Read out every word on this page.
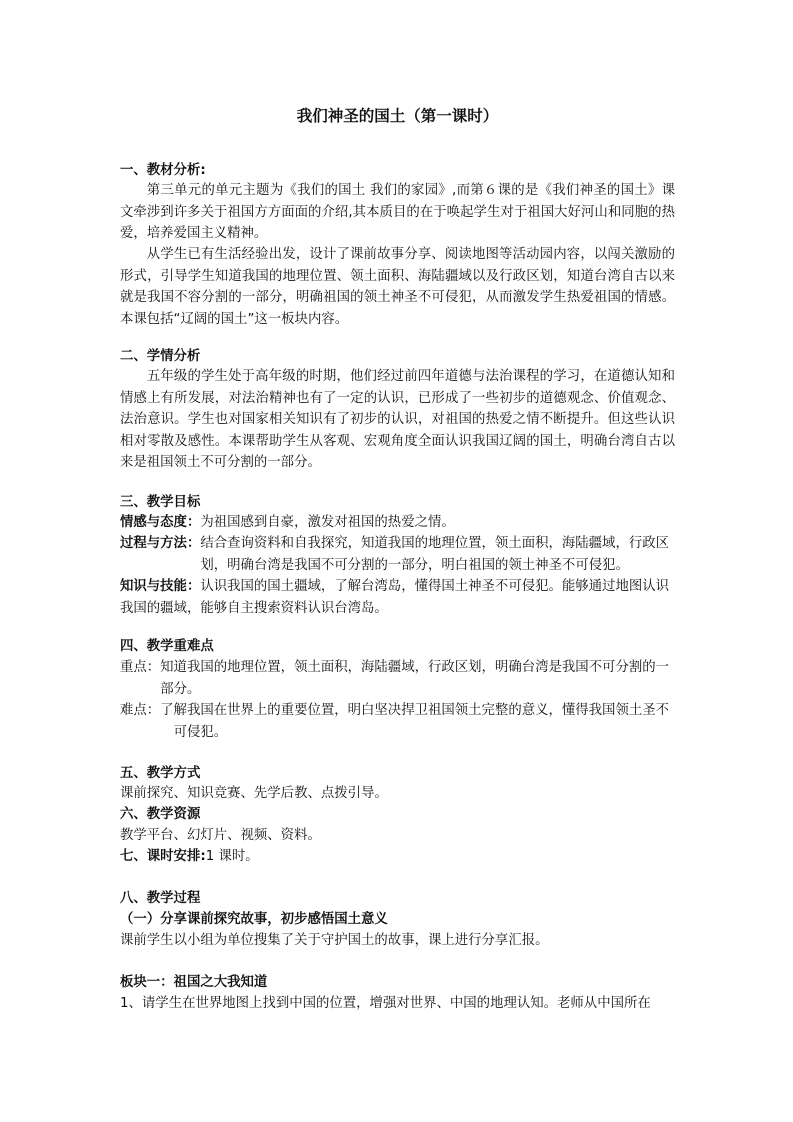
我们神圣的国土（第一课时）
一、教材分析:
第三单元的单元主题为《我们的国土 我们的家园》,而第６课的是《我们神圣的国土》课文牵涉到许多关于祖国方方面面的介绍,其本质目的在于唤起学生对于祖国大好河山和同胞的热爱，培养爱国主义精神。
从学生已有生活经验出发，设计了课前故事分享、阅读地图等活动园内容，以闯关激励的形式，引导学生知道我国的地理位置、领土面积、海陆疆域以及行政区划，知道台湾自古以来就是我国不容分割的一部分，明确祖国的领土神圣不可侵犯，从而激发学生热爱祖国的情感。本课包括“辽阔的国土”这一板块内容。
二、学情分析
五年级的学生处于高年级的时期，他们经过前四年道德与法治课程的学习，在道德认知和情感上有所发展，对法治精神也有了一定的认识，已形成了一些初步的道德观念、价值观念、法治意识。学生也对国家相关知识有了初步的认识，对祖国的热爱之情不断提升。但这些认识相对零散及感性。本课帮助学生从客观、宏观角度全面认识我国辽阔的国土，明确台湾自古以来是祖国领土不可分割的一部分。
三、教学目标
情感与态度：为祖国感到自豪，激发对祖国的热爱之情。
过程与方法：结合查询资料和自我探究，知道我国的地理位置，领土面积，海陆疆域，行政区划，明确台湾是我国不可分割的一部分，明白祖国的领土神圣不可侵犯。
知识与技能：认识我国的国土疆域，了解台湾岛，懂得国土神圣不可侵犯。能够通过地图认识我国的疆域，能够自主搜索资料认识台湾岛。
四、教学重难点
重点：知道我国的地理位置，领土面积，海陆疆域，行政区划，明确台湾是我国不可分割的一部分。
难点：了解我国在世界上的重要位置，明白坚决捍卫祖国领土完整的意义，懂得我国领土圣不可侵犯。
五、教学方式
课前探究、知识竞赛、先学后教、点拨引导。
六、教学资源
教学平台、幻灯片、视频、资料。
七、课时安排:1 课时。
八、教学过程
（一）分享课前探究故事，初步感悟国土意义
课前学生以小组为单位搜集了关于守护国土的故事，课上进行分享汇报。
板块一：祖国之大我知道
1、请学生在世界地图上找到中国的位置，增强对世界、中国的地理认知。老师从中国所在
